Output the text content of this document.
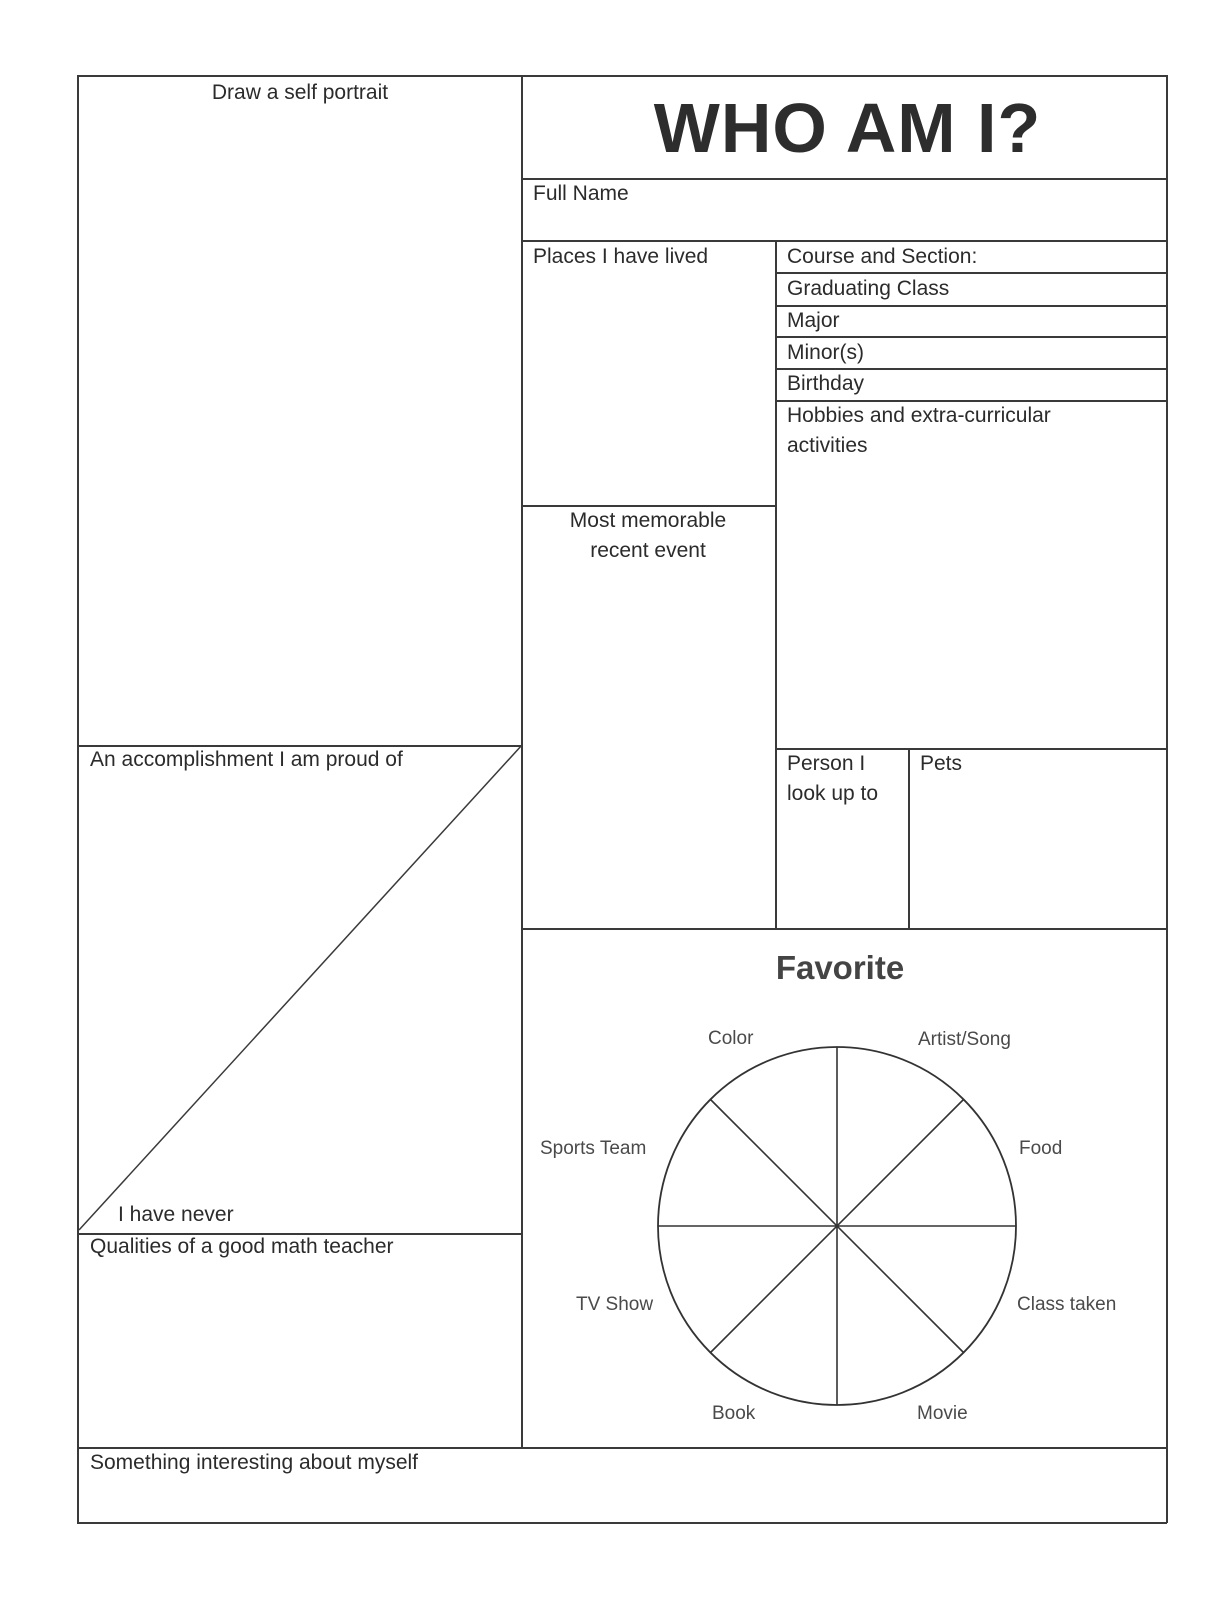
WHO AM I?
Draw a self portrait
An accomplishment I am proud of
I have never
Qualities of a good math teacher
Full Name
Places I have lived
Most memorable recent event
Course and Section:
Graduating Class
Major
Minor(s)
Birthday
Hobbies and extra-curricular activities
Person I look up to
Pets
Favorite
Color	Artist/Song
Food
Class taken
Movie
Book
TV Show
Sports Team
Something interesting about myself
